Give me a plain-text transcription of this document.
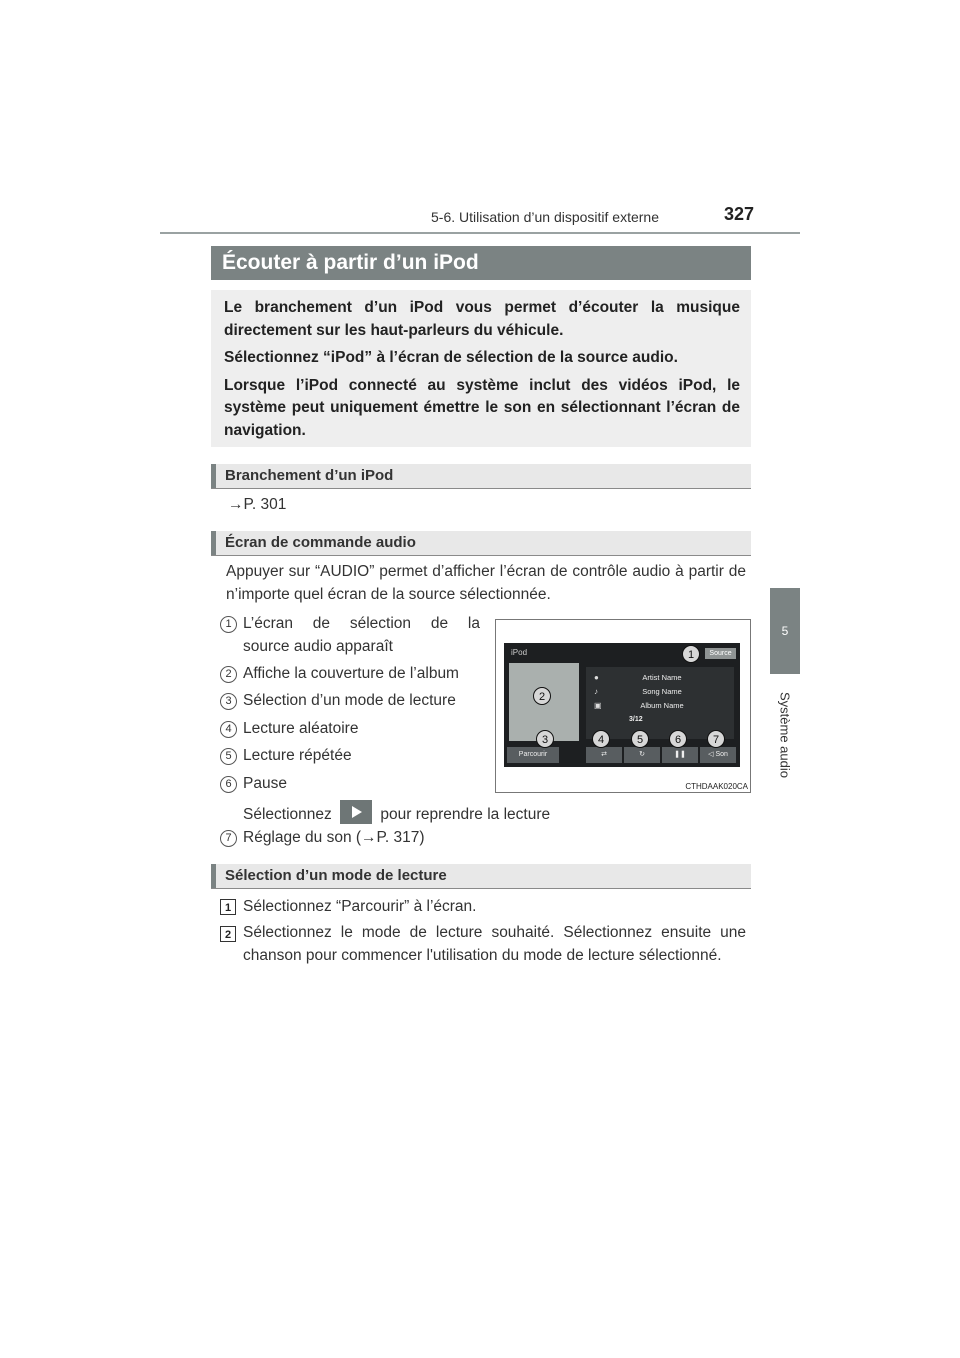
5-6. Utilisation d’un dispositif externe	327
5
Système audio
Écouter à partir d’un iPod

Le branchement d’un iPod vous permet d’écouter la musique directement sur les haut-parleurs du véhicule.

Sélectionnez “iPod” à l’écran de sélection de la source audio.

Lorsque l’iPod connecté au système inclut des vidéos iPod, le système peut uniquement émettre le son en sélectionnant l’écran de navigation.

Branchement d’un iPod
→P. 301
Écran de commande audio
Appuyer sur “AUDIO” permet d’afficher l’écran de contrôle audio à partir de n’importe quel écran de la source sélectionnée.
1 L’écran de sélection de la
source audio apparaît
2 Affiche la couverture de l’album
3 Sélection d’un mode de lecture
4 Lecture aléatoire
5 Lecture répétée
6 Pause
Sélectionnez	pour reprendre la lecture
7 Réglage du son (→P. 317)
iPod	Source
●	Artist Name
♪	Song Name
▣	Album Name
3/12
Parcourir	⇄	↻	❚❚	◁ Son
1
2
3	4	5	6	7
CTHDAAK020CA
Sélection d’un mode de lecture
1 Sélectionnez “Parcourir” à l’écran.
2 Sélectionnez le mode de lecture souhaité. Sélectionnez ensuite une chanson pour commencer l'utilisation du mode de lecture sélectionné.
